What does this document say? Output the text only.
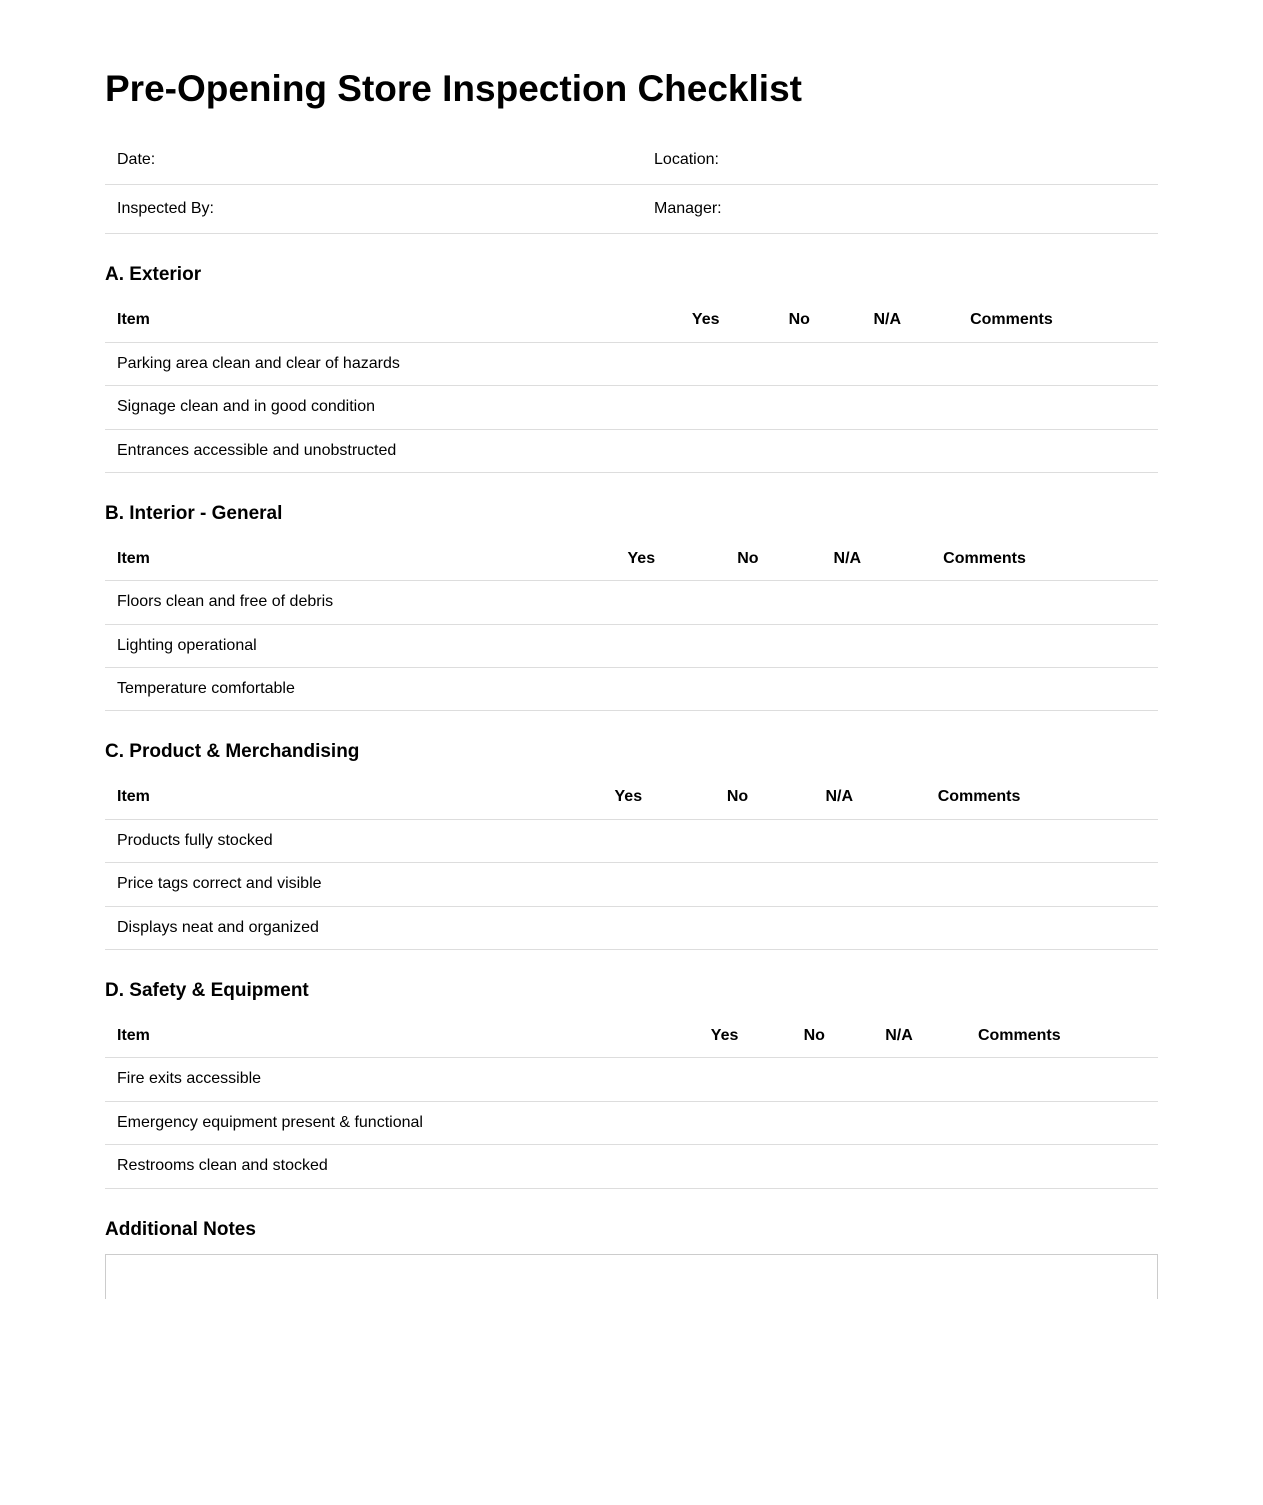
Pre-Opening Store Inspection Checklist
Date:	Location:
Inspected By:	Manager:
A. Exterior
Item	Yes	No	N/A	Comments
Parking area clean and clear of hazards				
Signage clean and in good condition				
Entrances accessible and unobstructed				
B. Interior - General
Item	Yes	No	N/A	Comments
Floors clean and free of debris				
Lighting operational				
Temperature comfortable				
C. Product & Merchandising
Item	Yes	No	N/A	Comments
Products fully stocked				
Price tags correct and visible				
Displays neat and organized				
D. Safety & Equipment
Item	Yes	No	N/A	Comments
Fire exits accessible				
Emergency equipment present & functional				
Restrooms clean and stocked				
Additional Notes
